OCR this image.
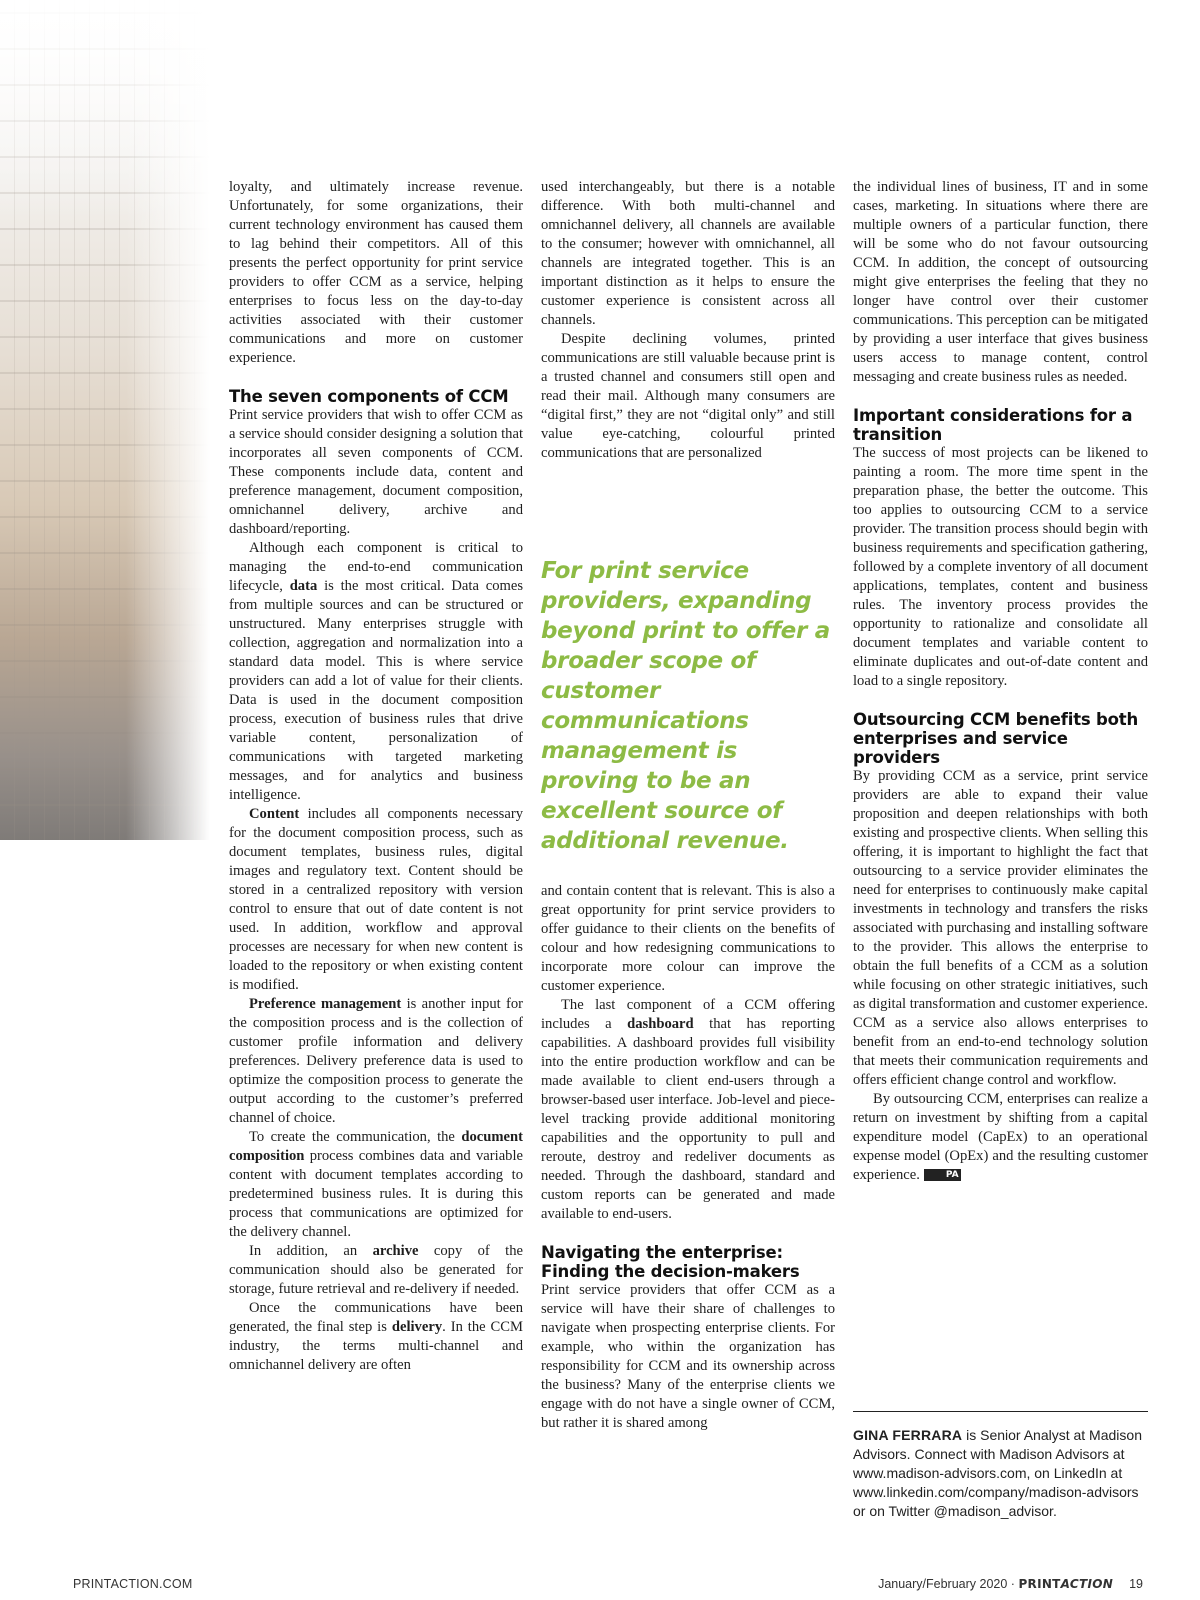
loyalty, and ultimately increase revenue. Unfortunately, for some organizations, their current technology environment has caused them to lag behind their competitors. All of this presents the perfect opportunity for print service providers to offer CCM as a service, helping enterprises to focus less on the day-to-day activities associated with their customer communications and more on customer experience.

The seven components of CCM

Print service providers that wish to offer CCM as a service should consider designing a solution that incorporates all seven components of CCM. These components include data, content and preference management, document composition, omnichannel delivery, archive and dashboard/reporting.

Although each component is critical to managing the end-to-end communication lifecycle, data is the most critical. Data comes from multiple sources and can be structured or unstructured. Many enterprises struggle with collection, aggregation and normalization into a standard data model. This is where service providers can add a lot of value for their clients. Data is used in the document composition process, execution of business rules that drive variable content, personalization of communications with targeted marketing messages, and for analytics and business intelligence.

Content includes all components necessary for the document composition process, such as document templates, business rules, digital images and regulatory text. Content should be stored in a centralized repository with version control to ensure that out of date content is not used. In addition, workflow and approval processes are necessary for when new content is loaded to the repository or when existing content is modified.

Preference management is another input for the composition process and is the collection of customer profile information and delivery preferences. Delivery preference data is used to optimize the composition process to generate the output according to the customer’s preferred channel of choice.

To create the communication, the document composition process combines data and variable content with document templates according to predetermined business rules. It is during this process that communications are optimized for the delivery channel.

In addition, an archive copy of the communication should also be generated for storage, future retrieval and re-delivery if needed.

Once the communications have been generated, the final step is delivery. In the CCM industry, the terms multi-channel and omnichannel delivery are often

used interchangeably, but there is a notable difference. With both multi-channel and omnichannel delivery, all channels are available to the consumer; however with omnichannel, all channels are integrated together. This is an important distinction as it helps to ensure the customer experience is consistent across all channels.

Despite declining volumes, printed communications are still valuable because print is a trusted channel and consumers still open and read their mail. Although many consumers are “digital first,” they are not “digital only” and still value eye-catching, colourful printed communications that are personalized

For print service providers, expanding beyond print to offer a broader scope of customer communications management is proving to be an excellent source of additional revenue.

and contain content that is relevant. This is also a great opportunity for print service providers to offer guidance to their clients on the benefits of colour and how redesigning communications to incorporate more colour can improve the customer experience.

The last component of a CCM offering includes a dashboard that has reporting capabilities. A dashboard provides full visibility into the entire production workflow and can be made available to client end-users through a browser-based user interface. Job-level and piece-level tracking provide additional monitoring capabilities and the opportunity to pull and reroute, destroy and redeliver documents as needed. Through the dashboard, standard and custom reports can be generated and made available to end-users.

Navigating the enterprise: Finding the decision-makers

Print service providers that offer CCM as a service will have their share of challenges to navigate when prospecting enterprise clients. For example, who within the organization has responsibility for CCM and its ownership across the business? Many of the enterprise clients we engage with do not have a single owner of CCM, but rather it is shared among

the individual lines of business, IT and in some cases, marketing. In situations where there are multiple owners of a particular function, there will be some who do not favour outsourcing CCM. In addition, the concept of outsourcing might give enterprises the feeling that they no longer have control over their customer communications. This perception can be mitigated by providing a user interface that gives business users access to manage content, control messaging and create business rules as needed.

Important considerations for a transition

The success of most projects can be likened to painting a room. The more time spent in the preparation phase, the better the outcome. This too applies to outsourcing CCM to a service provider. The transition process should begin with business requirements and specification gathering, followed by a complete inventory of all document applications, templates, content and business rules. The inventory process provides the opportunity to rationalize and consolidate all document templates and variable content to eliminate duplicates and out-of-date content and load to a single repository.

Outsourcing CCM benefits both enterprises and service providers

By providing CCM as a service, print service providers are able to expand their value proposition and deepen relationships with both existing and prospective clients. When selling this offering, it is important to highlight the fact that outsourcing to a service provider eliminates the need for enterprises to continuously make capital investments in technology and transfers the risks associated with purchasing and installing software to the provider. This allows the enterprise to obtain the full benefits of a CCM as a solution while focusing on other strategic initiatives, such as digital transformation and customer experience. CCM as a service also allows enterprises to benefit from an end-to-end technology solution that meets their communication requirements and offers efficient change control and workflow.

By outsourcing CCM, enterprises can realize a return on investment by shifting from a capital expenditure model (CapEx) to an operational expense model (OpEx) and the resulting customer experience.	PA

GINA FERRARA is Senior Analyst at Madison Advisors. Connect with Madison Advisors at www.madison-advisors.com, on LinkedIn at www.linkedin.com/company/madison-advisors or on Twitter @madison_advisor.
PRINTACTION.COM	January/February 2020 · PRINTACTION 19
